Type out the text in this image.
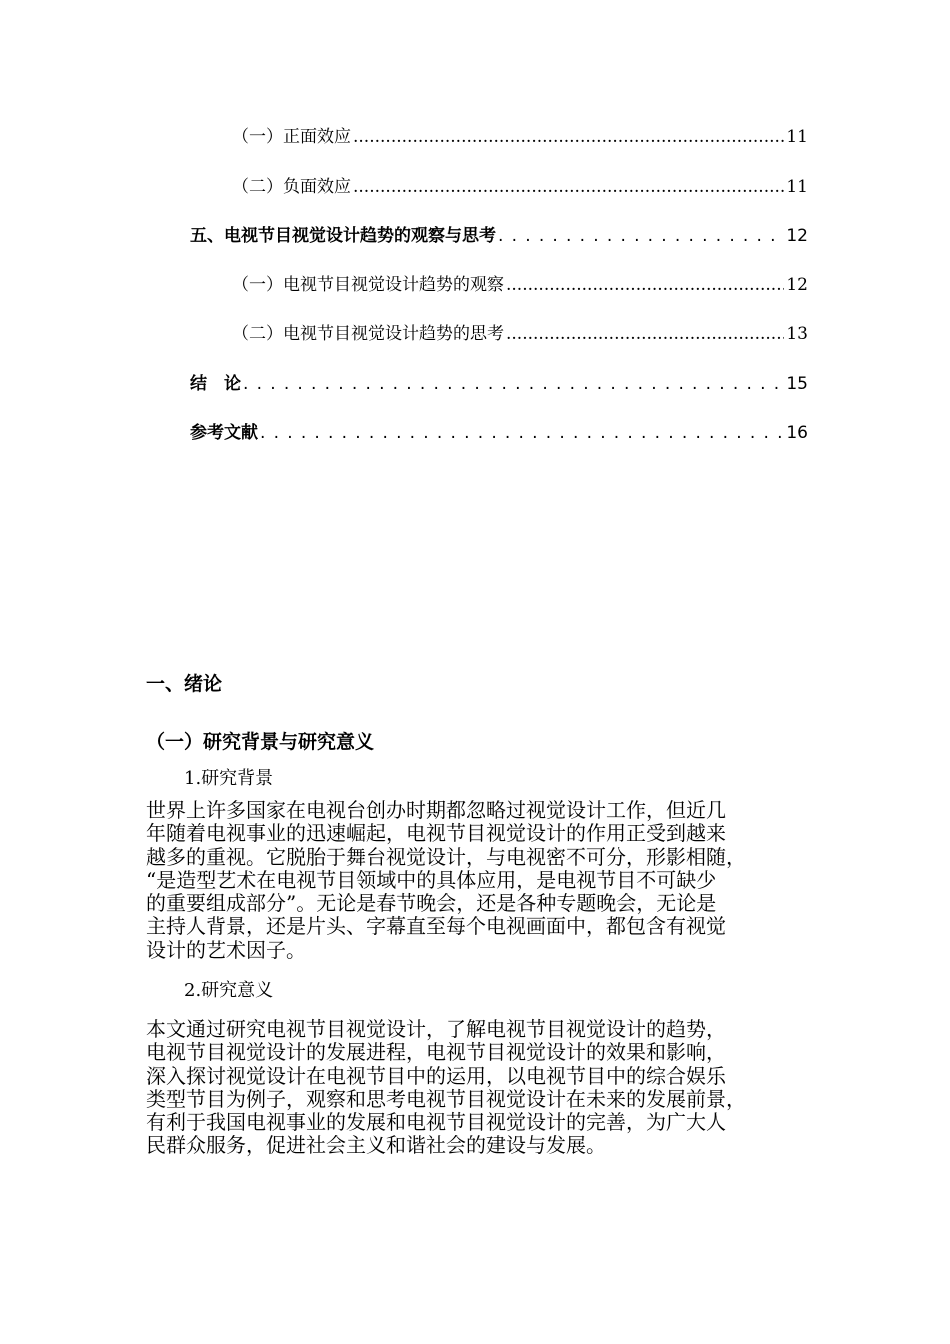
（一）正面效应 .....	11
（二）负面效应 .....	11
五、电视节目视觉设计趋势的观察与思考 . . .	12
（一）电视节目视觉设计趋势的观察 .....	12
（二）电视节目视觉设计趋势的思考 .....	13
结　论 . . .	15
参考文献 . . .	16
一、绪论
（一）研究背景与研究意义
1.研究背景
世界上许多国家在电视台创办时期都忽略过视觉设计工作，但近几
年随着电视事业的迅速崛起，电视节目视觉设计的作用正受到越来
越多的重视。它脱胎于舞台视觉设计，与电视密不可分，形影相随，
“是造型艺术在电视节目领域中的具体应用，是电视节目不可缺少
的重要组成部分”。无论是春节晚会，还是各种专题晚会，无论是
主持人背景，还是片头、字幕直至每个电视画面中，都包含有视觉
设计的艺术因子。
2.研究意义
本文通过研究电视节目视觉设计，了解电视节目视觉设计的趋势，
电视节目视觉设计的发展进程，电视节目视觉设计的效果和影响，
深入探讨视觉设计在电视节目中的运用，以电视节目中的综合娱乐
类型节目为例子，观察和思考电视节目视觉设计在未来的发展前景，
有利于我国电视事业的发展和电视节目视觉设计的完善，为广大人
民群众服务，促进社会主义和谐社会的建设与发展。
